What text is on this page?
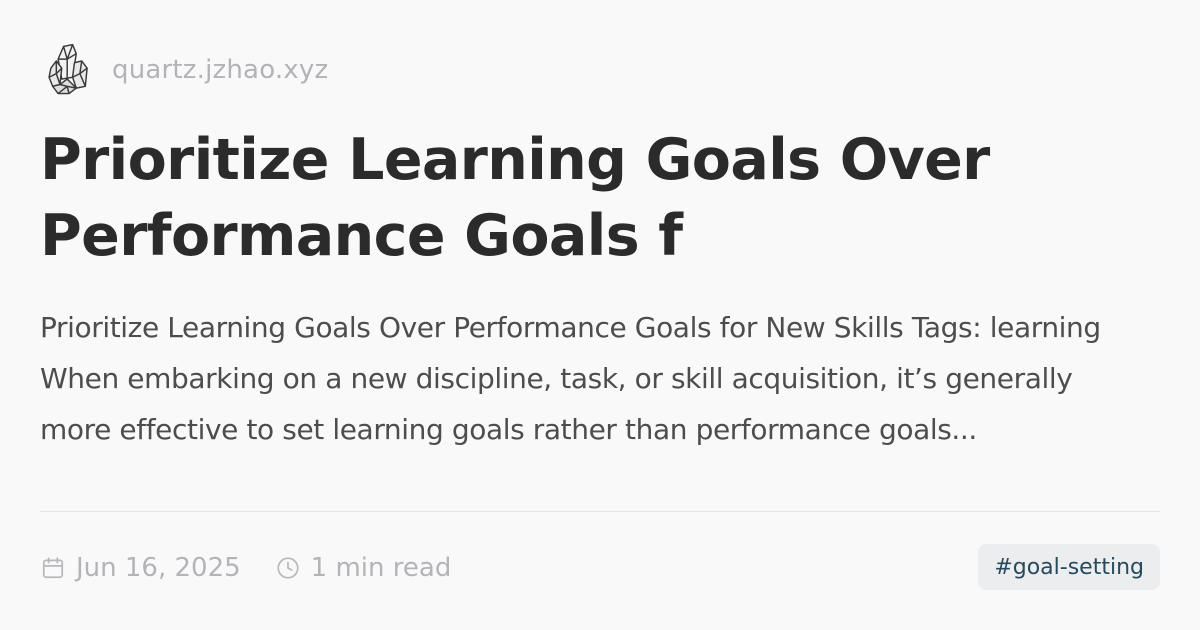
quartz.jzhao.xyz
Prioritize Learning Goals Over
Performance Goals f
Prioritize Learning Goals Over Performance Goals for New Skills Tags: learning When embarking on a new discipline, task, or skill acquisition, it’s generally more effective to set learning goals rather than performance goals...
Jun 16, 2025	1 min read	#goal-setting
